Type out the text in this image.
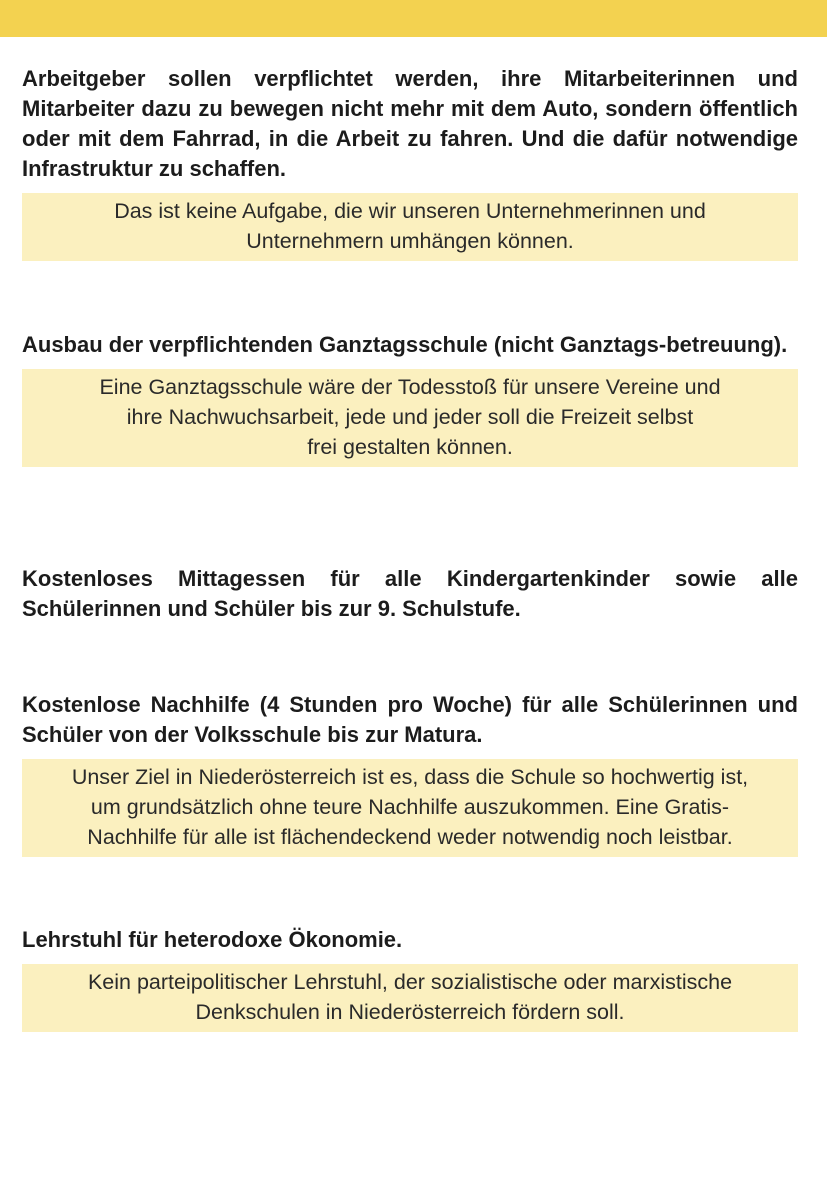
Arbeitgeber sollen verpflichtet werden, ihre Mitarbeiterinnen und Mitarbeiter dazu zu bewegen nicht mehr mit dem Auto, sondern öffentlich oder mit dem Fahrrad, in die Arbeit zu fahren. Und die dafür notwendige Infrastruktur zu schaffen.

Das ist keine Aufgabe, die wir unseren Unternehmerinnen und
Unternehmern umhängen können.

Ausbau der verpflichtenden Ganztagsschule (nicht Ganztags-betreuung).

Eine Ganztagsschule wäre der Todesstoß für unsere Vereine und
ihre Nachwuchsarbeit, jede und jeder soll die Freizeit selbst
frei gestalten können.

Kostenloses Mittagessen für alle Kindergartenkinder sowie alle Schülerinnen und Schüler bis zur 9. Schulstufe.

Kostenlose Nachhilfe (4 Stunden pro Woche) für alle Schülerinnen und Schüler von der Volksschule bis zur Matura.

Unser Ziel in Niederösterreich ist es, dass die Schule so hochwertig ist,
um grundsätzlich ohne teure Nachhilfe auszukommen. Eine Gratis-
Nachhilfe für alle ist flächendeckend weder notwendig noch leistbar.

Lehrstuhl für heterodoxe Ökonomie.

Kein parteipolitischer Lehrstuhl, der sozialistische oder marxistische
Denkschulen in Niederösterreich fördern soll.
